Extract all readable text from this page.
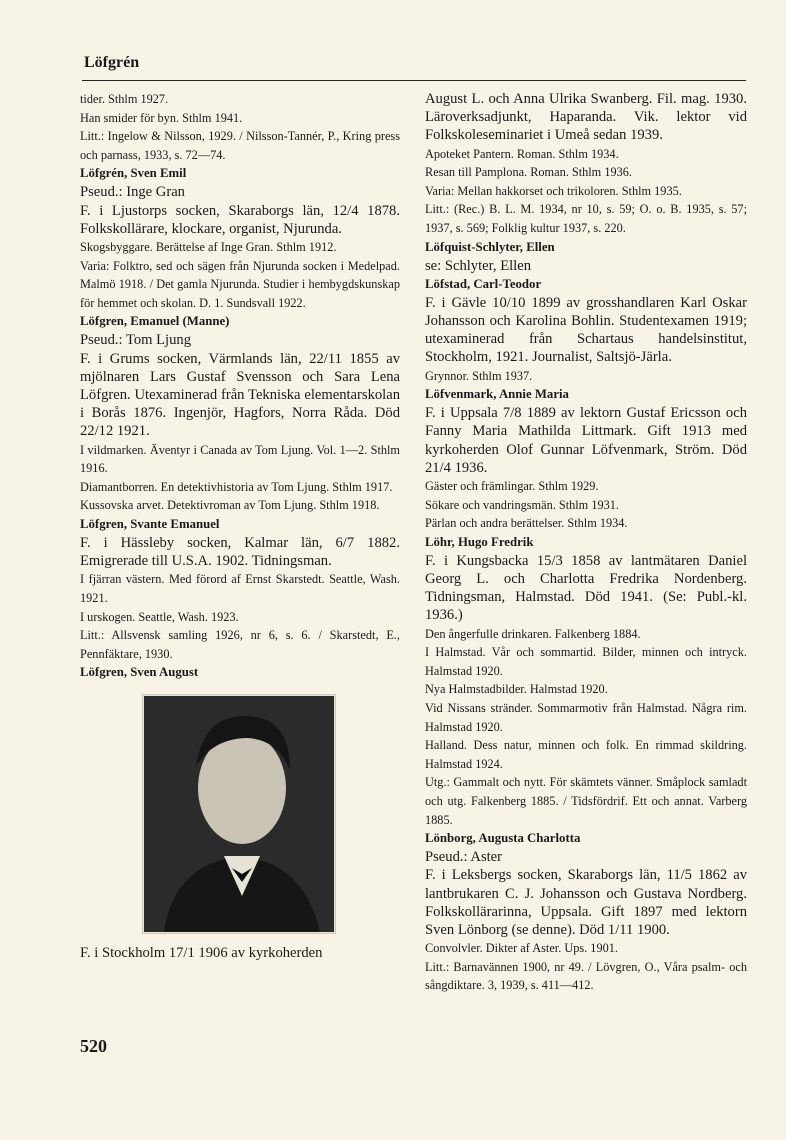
Löfgrén

tider. Sthlm 1927.

Han smider för byn. Sthlm 1941.

Litt.: Ingelow & Nilsson, 1929. / Nilsson-Tannér, P., Kring press och parnass, 1933, s. 72—74.

Löfgrén, Sven Emil

Pseud.: Inge Gran

F. i Ljustorps socken, Skaraborgs län, 12/4 1878. Folkskollärare, klockare, organist, Njurunda.

Skogsbyggare. Berättelse af Inge Gran. Sthlm 1912.

Varia: Folktro, sed och sägen från Njurunda socken i Medelpad. Malmö 1918. / Det gamla Njurunda. Studier i hembygdskunskap för hemmet och skolan. D. 1. Sundsvall 1922.

Löfgren, Emanuel (Manne)

Pseud.: Tom Ljung

F. i Grums socken, Värmlands län, 22/11 1855 av mjölnaren Lars Gustaf Svensson och Sara Lena Löfgren. Utexaminerad från Tekniska elementarskolan i Borås 1876. Ingenjör, Hagfors, Norra Råda. Död 22/12 1921.

I vildmarken. Äventyr i Canada av Tom Ljung. Vol. 1—2. Sthlm 1916.

Diamantborren. En detektivhistoria av Tom Ljung. Sthlm 1917.

Kussovska arvet. Detektivroman av Tom Ljung. Sthlm 1918.

Löfgren, Svante Emanuel

F. i Hässleby socken, Kalmar län, 6/7 1882. Emigrerade till U.S.A. 1902. Tidningsman.

I fjärran västern. Med förord af Ernst Skarstedt. Seattle, Wash. 1921.

I urskogen. Seattle, Wash. 1923.

Litt.: Allsvensk samling 1926, nr 6, s. 6. / Skarstedt, E., Pennfäktare, 1930.

Löfgren, Sven August

F. i Stockholm 17/1 1906 av kyrkoherden

August L. och Anna Ulrika Swanberg. Fil. mag. 1930. Läroverksadjunkt, Haparanda. Vik. lektor vid Folkskoleseminariet i Umeå sedan 1939.

Apoteket Pantern. Roman. Sthlm 1934.

Resan till Pamplona. Roman. Sthlm 1936.

Varia: Mellan hakkorset och trikoloren. Sthlm 1935.

Litt.: (Rec.) B. L. M. 1934, nr 10, s. 59; O. o. B. 1935, s. 57; 1937, s. 569; Folklig kultur 1937, s. 220.

Löfquist-Schlyter, Ellen

se: Schlyter, Ellen

Löfstad, Carl-Teodor

F. i Gävle 10/10 1899 av grosshandlaren Karl Oskar Johansson och Karolina Bohlin. Studentexamen 1919; utexaminerad från Schartaus handelsinstitut, Stockholm, 1921. Journalist, Saltsjö-Järla.

Grynnor. Sthlm 1937.

Löfvenmark, Annie Maria

F. i Uppsala 7/8 1889 av lektorn Gustaf Ericsson och Fanny Maria Mathilda Littmark. Gift 1913 med kyrkoherden Olof Gunnar Löfvenmark, Ström. Död 21/4 1936.

Gäster och främlingar. Sthlm 1929.

Sökare och vandringsmän. Sthlm 1931.

Pärlan och andra berättelser. Sthlm 1934.

Löhr, Hugo Fredrik

F. i Kungsbacka 15/3 1858 av lantmätaren Daniel Georg L. och Charlotta Fredrika Nordenberg. Tidningsman, Halmstad. Död 1941. (Se: Publ.-kl. 1936.)

Den ångerfulle drinkaren. Falkenberg 1884.

I Halmstad. Vår och sommartid. Bilder, minnen och intryck. Halmstad 1920.

Nya Halmstadbilder. Halmstad 1920.

Vid Nissans stränder. Sommarmotiv från Halmstad. Några rim. Halmstad 1920.

Halland. Dess natur, minnen och folk. En rimmad skildring. Halmstad 1924.

Utg.: Gammalt och nytt. För skämtets vänner. Småplock samladt och utg. Falkenberg 1885. / Tidsfördrif. Ett och annat. Varberg 1885.

Lönborg, Augusta Charlotta

Pseud.: Aster

F. i Leksbergs socken, Skaraborgs län, 11/5 1862 av lantbrukaren C. J. Johansson och Gustava Nordberg. Folkskollärarinna, Uppsala. Gift 1897 med lektorn Sven Lönborg (se denne). Död 1/11 1900.

Convolvler. Dikter af Aster. Ups. 1901.

Litt.: Barnavännen 1900, nr 49. / Lövgren, O., Våra psalm- och sångdiktare. 3, 1939, s. 411—412.

520
